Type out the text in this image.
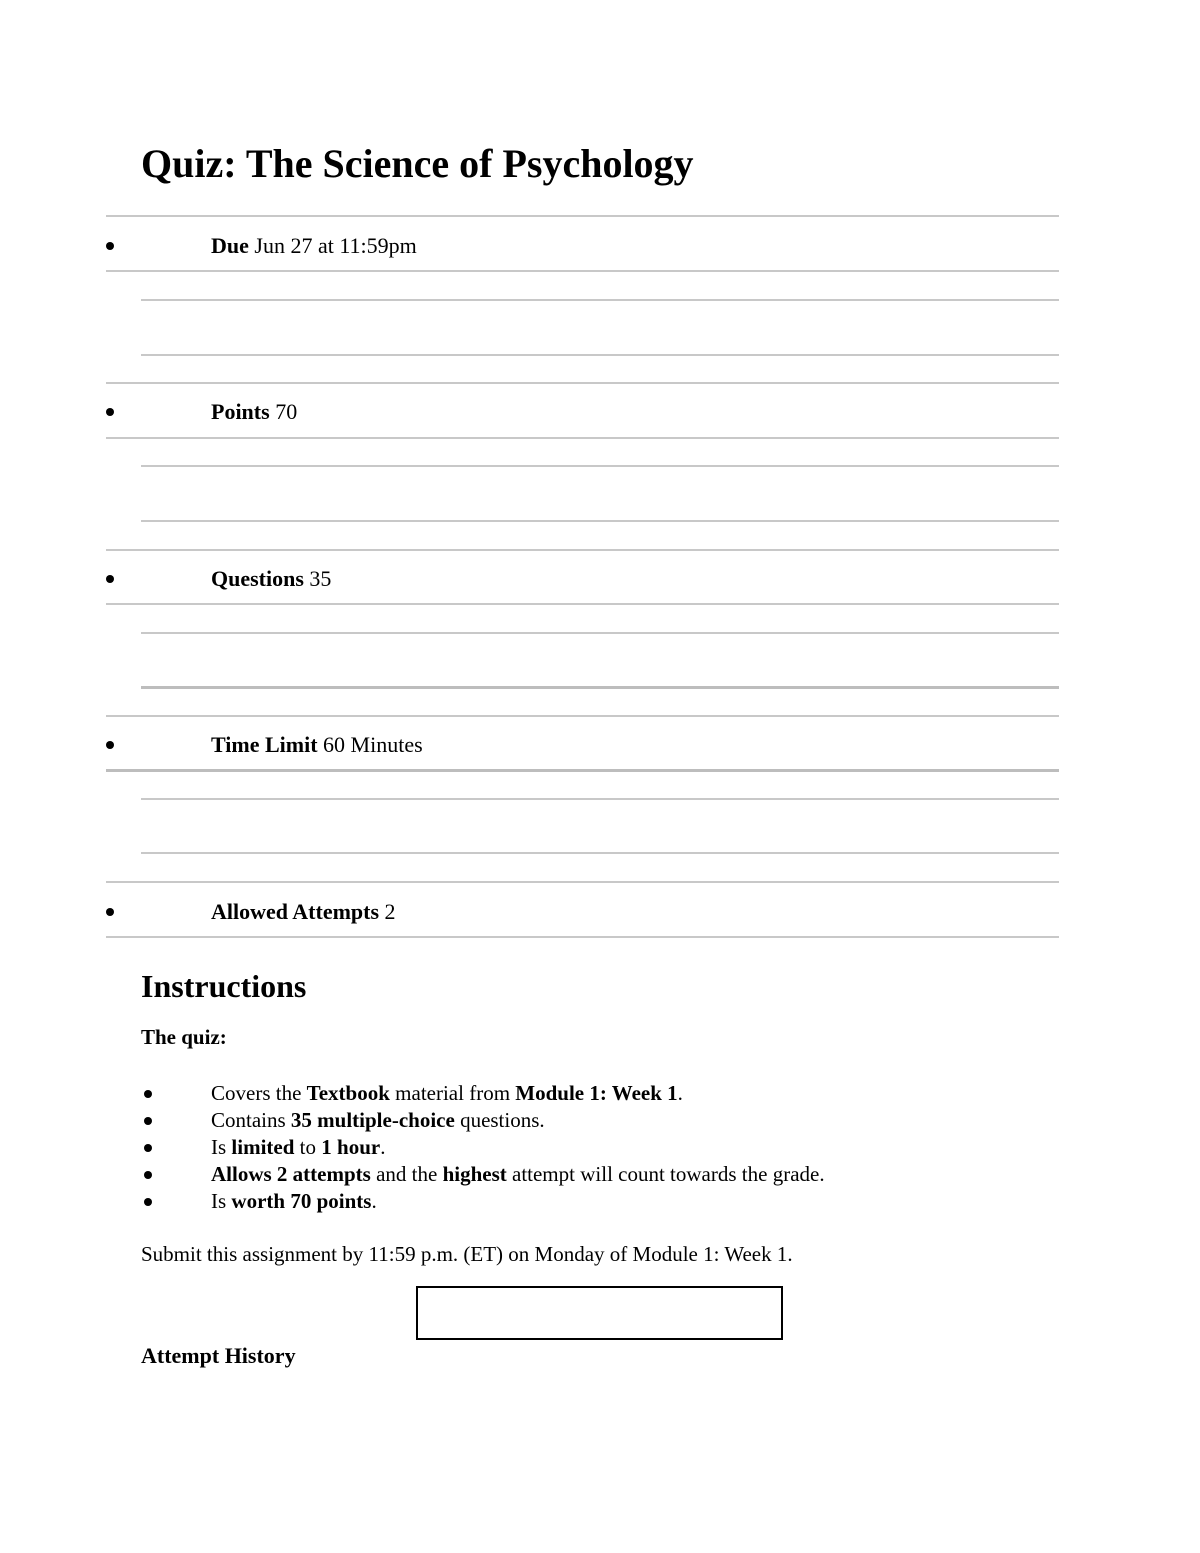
Quiz: The Science of Psychology
Due Jun 27 at 11:59pm
Points 70
Questions 35
Time Limit 60 Minutes
Allowed Attempts 2
Instructions
The quiz:
Covers the Textbook material from Module 1: Week 1.
Contains 35 multiple-choice questions.
Is limited to 1 hour.
Allows 2 attempts and the highest attempt will count towards the grade.
Is worth 70 points.
Submit this assignment by 11:59 p.m. (ET) on Monday of Module 1: Week 1.
Attempt History
